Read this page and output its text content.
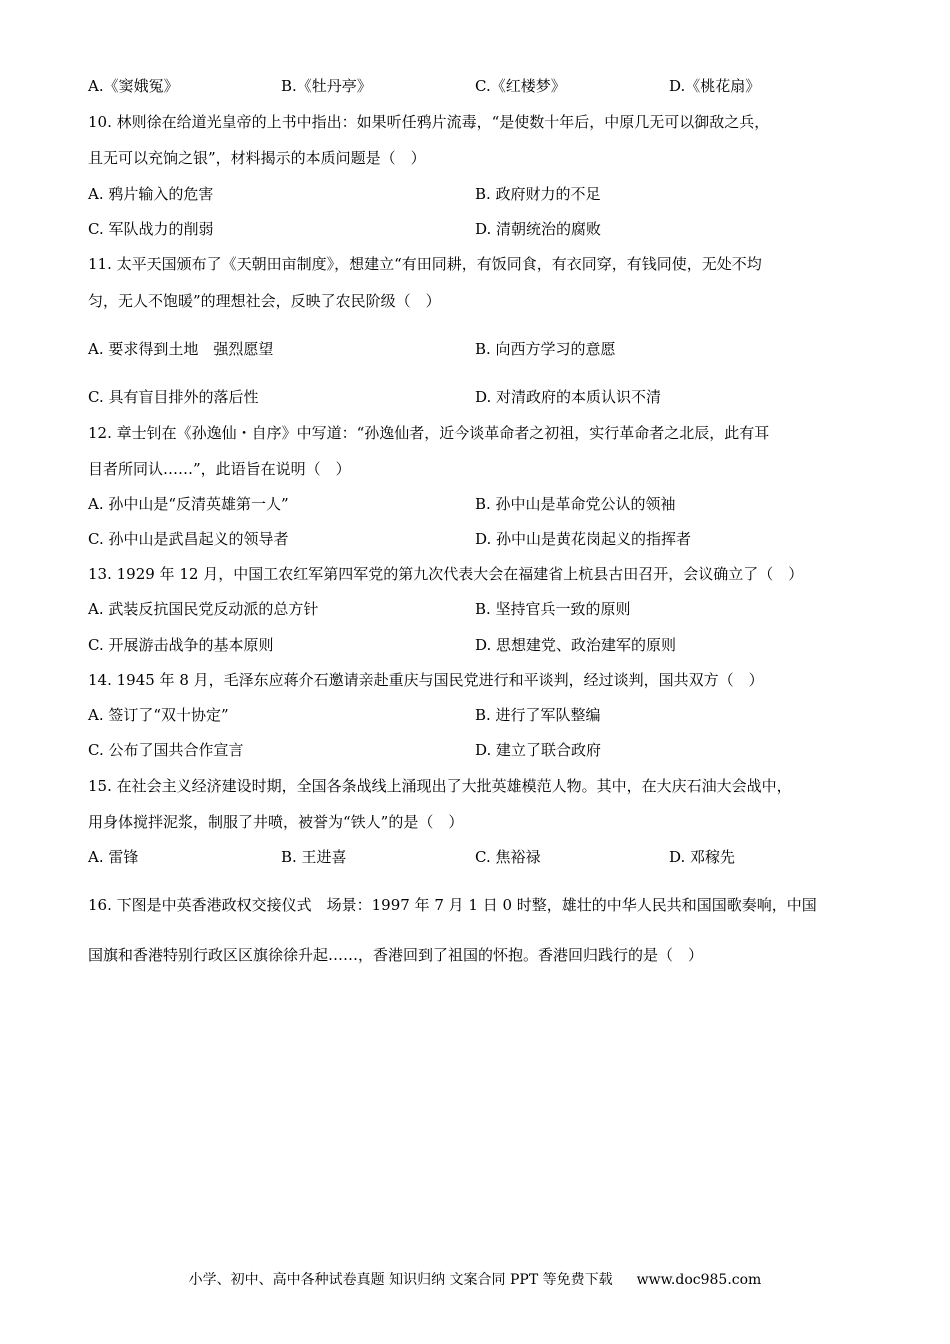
A.《窦娥冤》	B.《牡丹亭》	C.《红楼梦》	D.《桃花扇》
10. 林则徐在给道光皇帝的上书中指出：如果听任鸦片流毒，“是使数十年后，中原几无可以御敌之兵，
且无可以充饷之银”，材料揭示的本质问题是（　）
A. 鸦片输入的危害	B. 政府财力的不足
C. 军队战力的削弱	D. 清朝统治的腐败
11. 太平天国颁布了《天朝田亩制度》，想建立“有田同耕，有饭同食，有衣同穿，有钱同使，无处不均
匀，无人不饱暖”的理想社会，反映了农民阶级（　）
A. 要求得到土地　强烈愿望	B. 向西方学习的意愿
C. 具有盲目排外的落后性	D. 对清政府的本质认识不清
12. 章士钊在《孙逸仙・自序》中写道：“孙逸仙者，近今谈革命者之初祖，实行革命者之北辰，此有耳
目者所同认……”，此语旨在说明（　）
A. 孙中山是“反清英雄第一人”	B. 孙中山是革命党公认的领袖
C. 孙中山是武昌起义的领导者	D. 孙中山是黄花岗起义的指挥者
13. 1929 年 12 月，中国工农红军第四军党的第九次代表大会在福建省上杭县古田召开，会议确立了（　）
A. 武装反抗国民党反动派的总方针	B. 坚持官兵一致的原则
C. 开展游击战争的基本原则	D. 思想建党、政治建军的原则
14. 1945 年 8 月，毛泽东应蒋介石邀请亲赴重庆与国民党进行和平谈判，经过谈判，国共双方（　）
A. 签订了“双十协定”	B. 进行了军队整编
C. 公布了国共合作宣言	D. 建立了联合政府
15. 在社会主义经济建设时期，全国各条战线上涌现出了大批英雄模范人物。其中，在大庆石油大会战中，
用身体搅拌泥浆，制服了井喷，被誉为“铁人”的是（　）
A. 雷锋	B. 王进喜	C. 焦裕禄	D. 邓稼先
16. 下图是中英香港政权交接仪式　场景：1997 年 7 月 1 日 0 时整，雄壮的中华人民共和国国歌奏响，中国
国旗和香港特别行政区区旗徐徐升起……，香港回到了祖国的怀抱。香港回归践行的是（　）
小学、初中、高中各种试卷真题 知识归纳 文案合同 PPT 等免费下载 www.doc985.com
